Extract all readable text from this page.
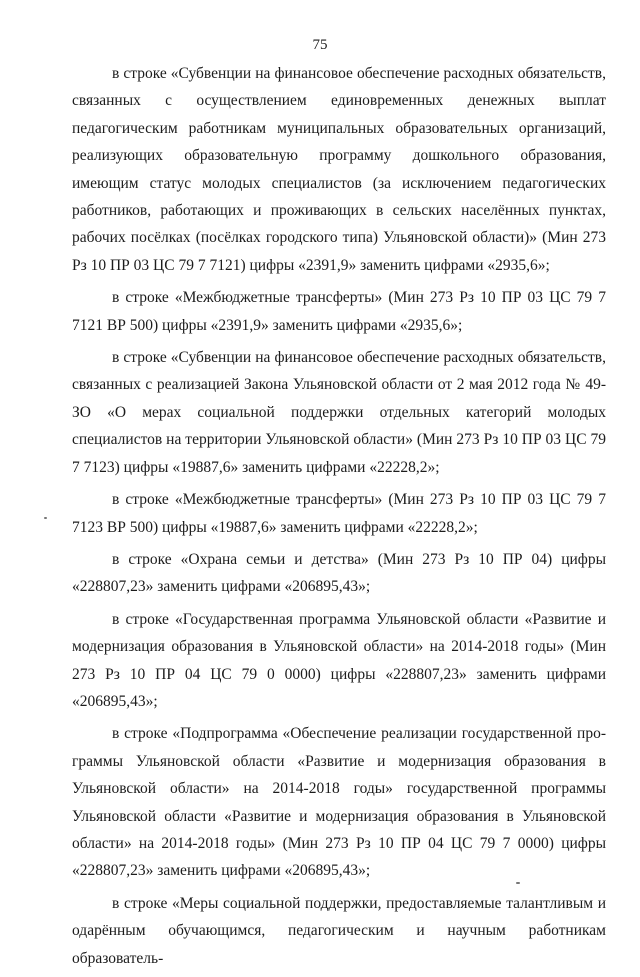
75

в строке «Субвенции на финансовое обеспечение расходных обязательств, связанных с осуществлением единовременных денежных выплат педагогическим работникам муниципальных образовательных организаций, реализующих образовательную программу дошкольного образования, имеющим статус молодых специалистов (за исключением педагогических работников, работающих и проживающих в сельских населённых пунктах, рабочих посёлках (посёлках городского типа) Ульяновской области)» (Мин 273 Рз 10 ПР 03 ЦС 79 7 7121) цифры «2391,9» заменить цифрами «2935,6»;

в строке «Межбюджетные трансферты» (Мин 273 Рз 10 ПР 03 ЦС 79 7 7121 ВР 500) цифры «2391,9» заменить цифрами «2935,6»;

в строке «Субвенции на финансовое обеспечение расходных обязательств, связанных с реализацией Закона Ульяновской области от 2 мая 2012 года № 49-ЗО «О мерах социальной поддержки отдельных категорий молодых специалистов на территории Ульяновской области» (Мин 273 Рз 10 ПР 03 ЦС 79 7 7123) цифры «19887,6» заменить цифрами «22228,2»;

в строке «Межбюджетные трансферты» (Мин 273 Рз 10 ПР 03 ЦС 79 7 7123 ВР 500) цифры «19887,6» заменить цифрами «22228,2»;

в строке «Охрана семьи и детства» (Мин 273 Рз 10 ПР 04) цифры «228807,23» заменить цифрами «206895,43»;

в строке «Государственная программа Ульяновской области «Развитие и модернизация образования в Ульяновской области» на 2014-2018 годы» (Мин 273 Рз 10 ПР 04 ЦС 79 0 0000) цифры «228807,23» заменить цифрами «206895,43»;

в строке «Подпрограмма «Обеспечение реализации государственной программы Ульяновской области «Развитие и модернизация образования в Ульяновской области» на 2014-2018 годы» государственной программы Ульяновской области «Развитие и модернизация образования в Ульяновской области» на 2014-2018 годы» (Мин 273 Рз 10 ПР 04 ЦС 79 7 0000) цифры «228807,23» заменить цифрами «206895,43»;

в строке «Меры социальной поддержки, предоставляемые талантливым и одарённым обучающимся, педагогическим и научным работникам образователь-
